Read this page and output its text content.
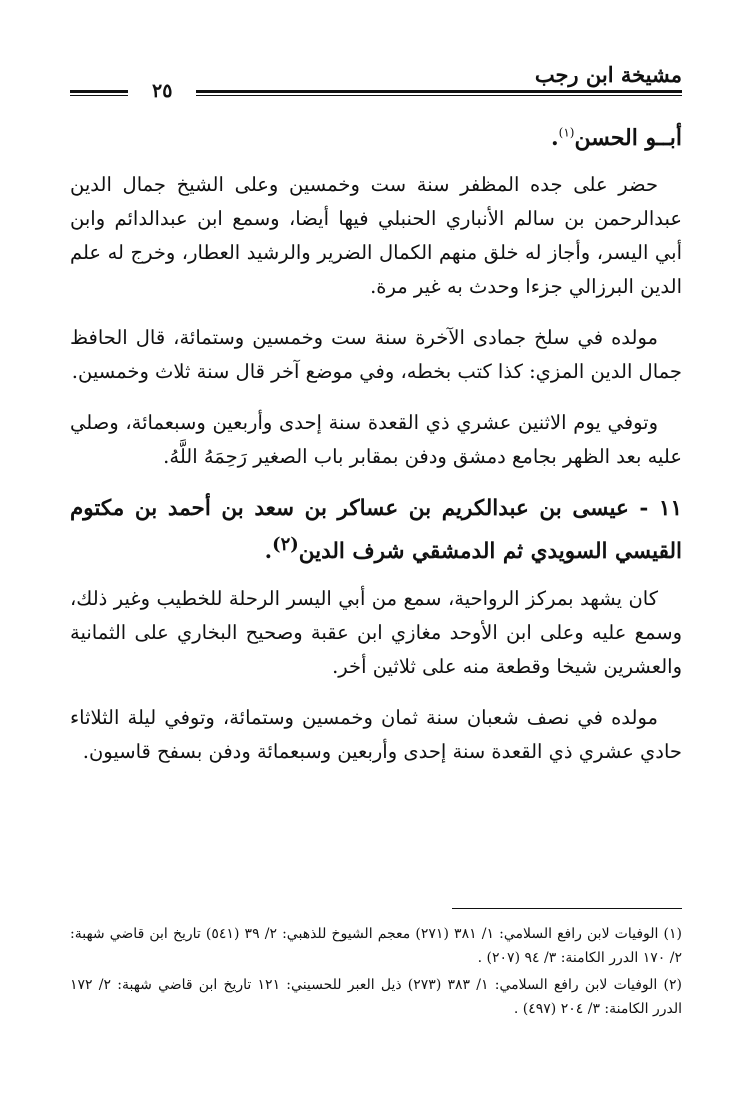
مشيخة ابن رجب
٢٥
أبــو الحسن$^{(١)}$.

حضر على جده المظفر سنة ست وخمسين وعلى الشيخ جمال الدين عبدالرحمن بن سالم الأنباري الحنبلي فيها أيضا، وسمع ابن عبدالدائم وابن أبي اليسر، وأجاز له خلق منهم الكمال الضرير والرشيد العطار، وخرج له علم الدين البرزالي جزءا وحدث به غير مرة.

مولده في سلخ جمادى الآخرة سنة ست وخمسين وستمائة، قال الحافظ جمال الدين المزي: كذا كتب بخطه، وفي موضع آخر قال سنة ثلاث وخمسين.

وتوفي يوم الاثنين عشري ذي القعدة سنة إحدى وأربعين وسبعمائة، وصلي عليه بعد الظهر بجامع دمشق ودفن بمقابر باب الصغير رَحِمَهُ اللَّهُ.

١١ - عيسى بن عبدالكريم بن عساكر بن سعد بن أحمد بن مكتوم القيسي السويدي ثم الدمشقي شرف الدين$^{(٢)}$.

كان يشهد بمركز الرواحية، سمع من أبي اليسر الرحلة للخطيب وغير ذلك، وسمع عليه وعلى ابن الأوحد مغازي ابن عقبة وصحيح البخاري على الثمانية والعشرين شيخا وقطعة منه على ثلاثين أخر.

مولده في نصف شعبان سنة ثمان وخمسين وستمائة، وتوفي ليلة الثلاثاء حادي عشري ذي القعدة سنة إحدى وأربعين وسبعمائة ودفن بسفح قاسيون.

(١) الوفيات لابن رافع السلامي: ١/ ٣٨١ (٢٧١) معجم الشيوخ للذهبي: ٢/ ٣٩ (٥٤١) تاريخ ابن قاضي شهبة: ٢/ ١٧٠ الدرر الكامنة: ٣/ ٩٤ (٢٠٧) .

(٢) الوفيات لابن رافع السلامي: ١/ ٣٨٣ (٢٧٣) ذيل العبر للحسيني: ١٢١ تاريخ ابن قاضي شهبة: ٢/ ١٧٢ الدرر الكامنة: ٣/ ٢٠٤ (٤٩٧) .
